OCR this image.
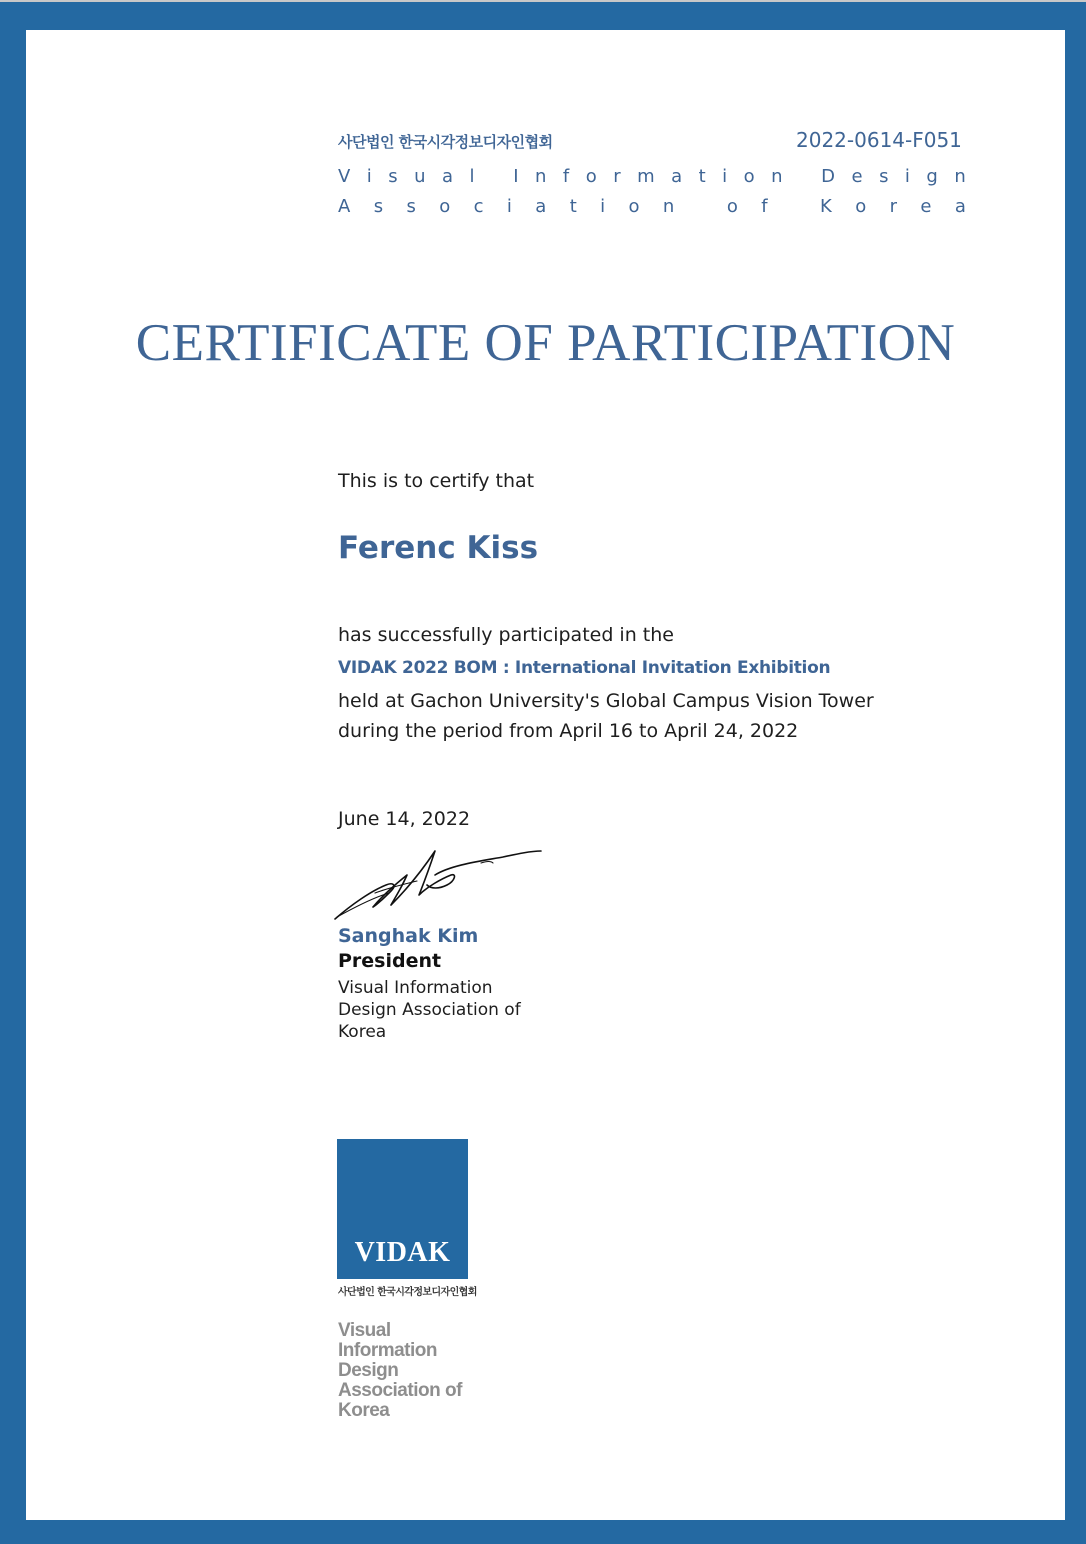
사단법인 한국시각정보디자인협회	2022-0614-F051
V i s u a l
I n f o r m a t i o n
D e s i g n
A s s o c i a t i o n
	o f
	K o r e a
CERTIFICATE OF PARTICIPATION
This is to certify that
Ferenc Kiss
has successfully participated in the
VIDAK 2022 BOM : International Invitation Exhibition
held at Gachon University's Global Campus Vision Tower
during the period from April 16 to April 24, 2022
June 14, 2022
Sanghak Kim
President
Visual Information Design Association of Korea
VIDAK
사단법인 한국시각정보디자인협회
Visual
Information
Design
Association of
Korea
